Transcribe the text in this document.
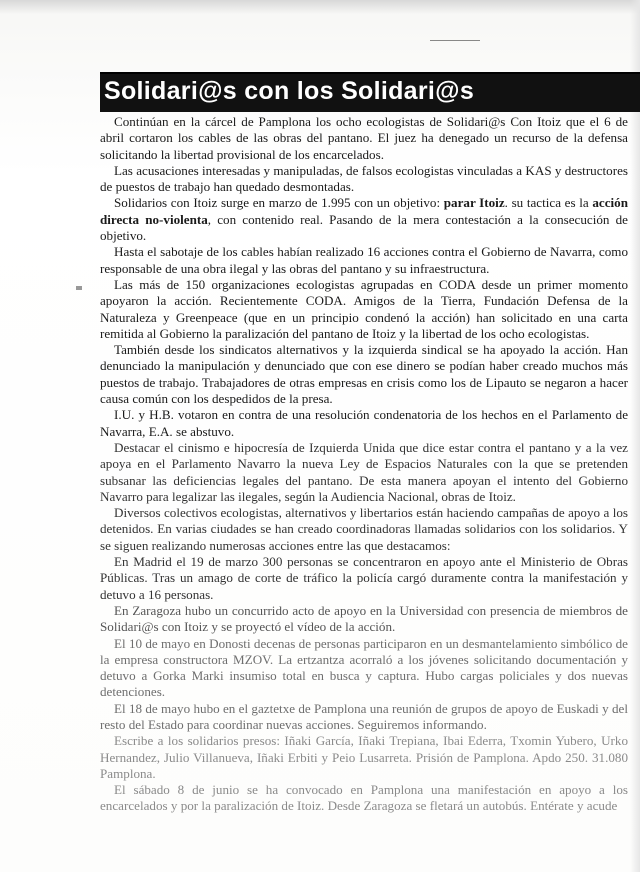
Solidari@s con los Solidari@s

Continúan en la cárcel de Pamplona los ocho ecologistas de Solidari@s Con Itoiz que el 6 de abril cortaron los cables de las obras del pantano. El juez ha denegado un recurso de la defensa solicitando la libertad provisional de los encarcelados.

Las acusaciones interesadas y manipuladas, de falsos ecologistas vinculadas a KAS y destructores de puestos de trabajo han quedado desmontadas.

Solidarios con Itoiz surge en marzo de 1.995 con un objetivo: parar Itoiz. su tactica es la acción directa no-violenta, con contenido real. Pasando de la mera contestación a la consecución de objetivo.

Hasta el sabotaje de los cables habían realizado 16 acciones contra el Gobierno de Navarra, como responsable de una obra ilegal y las obras del pantano y su infraestructura.

Las más de 150 organizaciones ecologistas agrupadas en CODA desde un primer momento apoyaron la acción. Recientemente CODA. Amigos de la Tierra, Fundación Defensa de la Naturaleza y Greenpeace (que en un principio condenó la acción) han solicitado en una carta remitida al Gobierno la paralización del pantano de Itoiz y la libertad de los ocho ecologistas.

También desde los sindicatos alternativos y la izquierda sindical se ha apoyado la acción. Han denunciado la manipulación y denunciado que con ese dinero se podían haber creado muchos más puestos de trabajo. Trabajadores de otras empresas en crisis como los de Lipauto se negaron a hacer causa común con los despedidos de la presa.

I.U. y H.B. votaron en contra de una resolución condenatoria de los hechos en el Parlamento de Navarra, E.A. se abstuvo.

Destacar el cinismo e hipocresía de Izquierda Unida que dice estar contra el pantano y a la vez apoya en el Parlamento Navarro la nueva Ley de Espacios Naturales con la que se pretenden subsanar las deficiencias legales del pantano. De esta manera apoyan el intento del Gobierno Navarro para legalizar las ilegales, según la Audiencia Nacional, obras de Itoiz.

Diversos colectivos ecologistas, alternativos y libertarios están haciendo campañas de apoyo a los detenidos. En varias ciudades se han creado coordinadoras llamadas solidarios con los solidarios. Y se siguen realizando numerosas acciones entre las que destacamos:

En Madrid el 19 de marzo 300 personas se concentraron en apoyo ante el Ministerio de Obras Públicas. Tras un amago de corte de tráfico la policía cargó duramente contra la manifestación y detuvo a 16 personas.

En Zaragoza hubo un concurrido acto de apoyo en la Universidad con presencia de miembros de Solidari@s con Itoiz y se proyectó el vídeo de la acción.

El 10 de mayo en Donosti decenas de personas participaron en un desmantelamiento simbólico de la empresa constructora MZOV. La ertzantza acorraló a los jóvenes solicitando documentación y detuvo a Gorka Marki insumiso total en busca y captura. Hubo cargas policiales y dos nuevas detenciones.

El 18 de mayo hubo en el gaztetxe de Pamplona una reunión de grupos de apoyo de Euskadi y del resto del Estado para coordinar nuevas acciones. Seguiremos informando.

Escribe a los solidarios presos: Iñaki García, Iñaki Trepiana, Ibai Ederra, Txomin Yubero, Urko Hernandez, Julio Villanueva, Iñaki Erbiti y Peio Lusarreta. Prisión de Pamplona. Apdo 250. 31.080 Pamplona.

El sábado 8 de junio se ha convocado en Pamplona una manifestación en apoyo a los encarcelados y por la paralización de Itoiz. Desde Zaragoza se fletará un autobús. Entérate y acude
